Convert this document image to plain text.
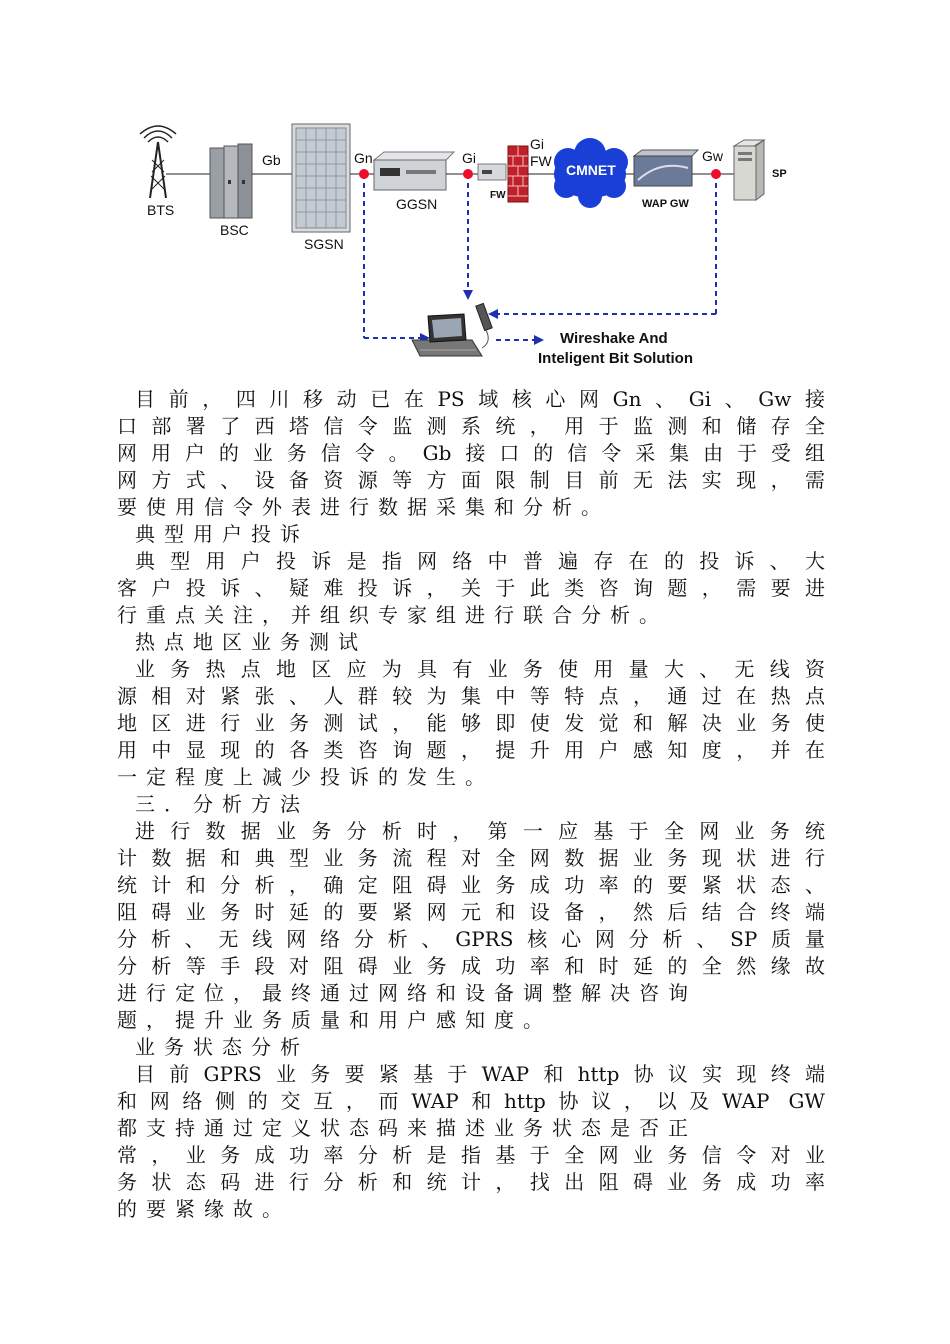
BTS
BSC
SGSN
GGSN
FW
CMNET
WAP GW
SP
Gb	Gn	Gi
Gi
FW	Gw
Wireshake And
Inteligent Bit Solution
目前，四川移动已在PS域核心网Gn、Gi、Gw接
口部署了西塔信令监测系统，用于监测和储存全
网用户的业务信令。Gb接口的信令采集由于受组
网方式、设备资源等方面限制目前无法实现，需
要使用信令外表进行数据采集和分析。
典型用户投诉
典型用户投诉是指网络中普遍存在的投诉、大
客户投诉、疑难投诉，关于此类咨询题，需要进
行重点关注，并组织专家组进行联合分析。
热点地区业务测试
业务热点地区应为具有业务使用量大、无线资
源相对紧张、人群较为集中等特点，通过在热点
地区进行业务测试，能够即使发觉和解决业务使
用中显现的各类咨询题，提升用户感知度，并在
一定程度上减少投诉的发生。
三．分析方法
进行数据业务分析时，第一应基于全网业务统
计数据和典型业务流程对全网数据业务现状进行
统计和分析，确定阻碍业务成功率的要紧状态、
阻碍业务时延的要紧网元和设备，然后结合终端
分析、无线网络分析、GPRS核心网分析、SP质量
分析等手段对阻碍业务成功率和时延的全然缘故
进行定位，最终通过网络和设备调整解决咨询
题，提升业务质量和用户感知度。
业务状态分析
目前GPRS业务要紧基于WAP和http协议实现终端
和网络侧的交互，而WAP和http协议，以及WAP GW
都支持通过定义状态码来描述业务状态是否正
常，业务成功率分析是指基于全网业务信令对业
务状态码进行分析和统计，找出阻碍业务成功率
的要紧缘故。
